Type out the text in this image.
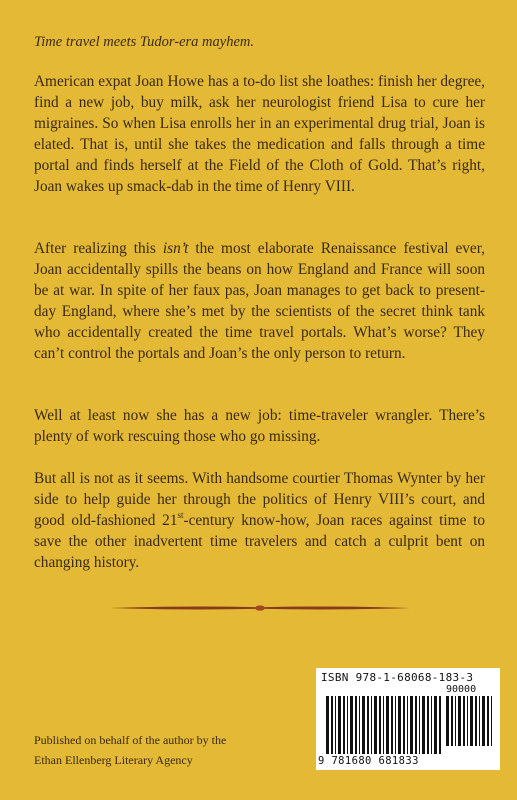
Time travel meets Tudor-era mayhem.

American expat Joan Howe has a to-do list she loathes: finish her degree, find a new job, buy milk, ask her neurologist friend Lisa to cure her migraines. So when Lisa enrolls her in an experimental drug trial, Joan is elated. That is, until she takes the medication and falls through a time portal and finds herself at the Field of the Cloth of Gold. That’s right, Joan wakes up smack-dab in the time of Henry VIII.

After realizing this isn’t the most elaborate Renaissance festival ever, Joan accidentally spills the beans on how England and France will soon be at war. In spite of her faux pas, Joan manages to get back to present-day England, where she’s met by the scientists of the secret think tank who accidentally created the time travel portals. What’s worse? They can’t control the portals and Joan’s the only person to return.

Well at least now she has a new job: time-traveler wrangler. There’s plenty of work rescuing those who go missing.

But all is not as it seems. With handsome courtier Thomas Wynter by her side to help guide her through the politics of Henry VIII’s court, and good old-fashioned 21st-century know-how, Joan races against time to save the other inadvertent time travelers and catch a culprit bent on changing history.

Published on behalf of the author by the
Ethan Ellenberg Literary Agency
ISBN 978-1-68068-183-3
90000
9 781680 681833
